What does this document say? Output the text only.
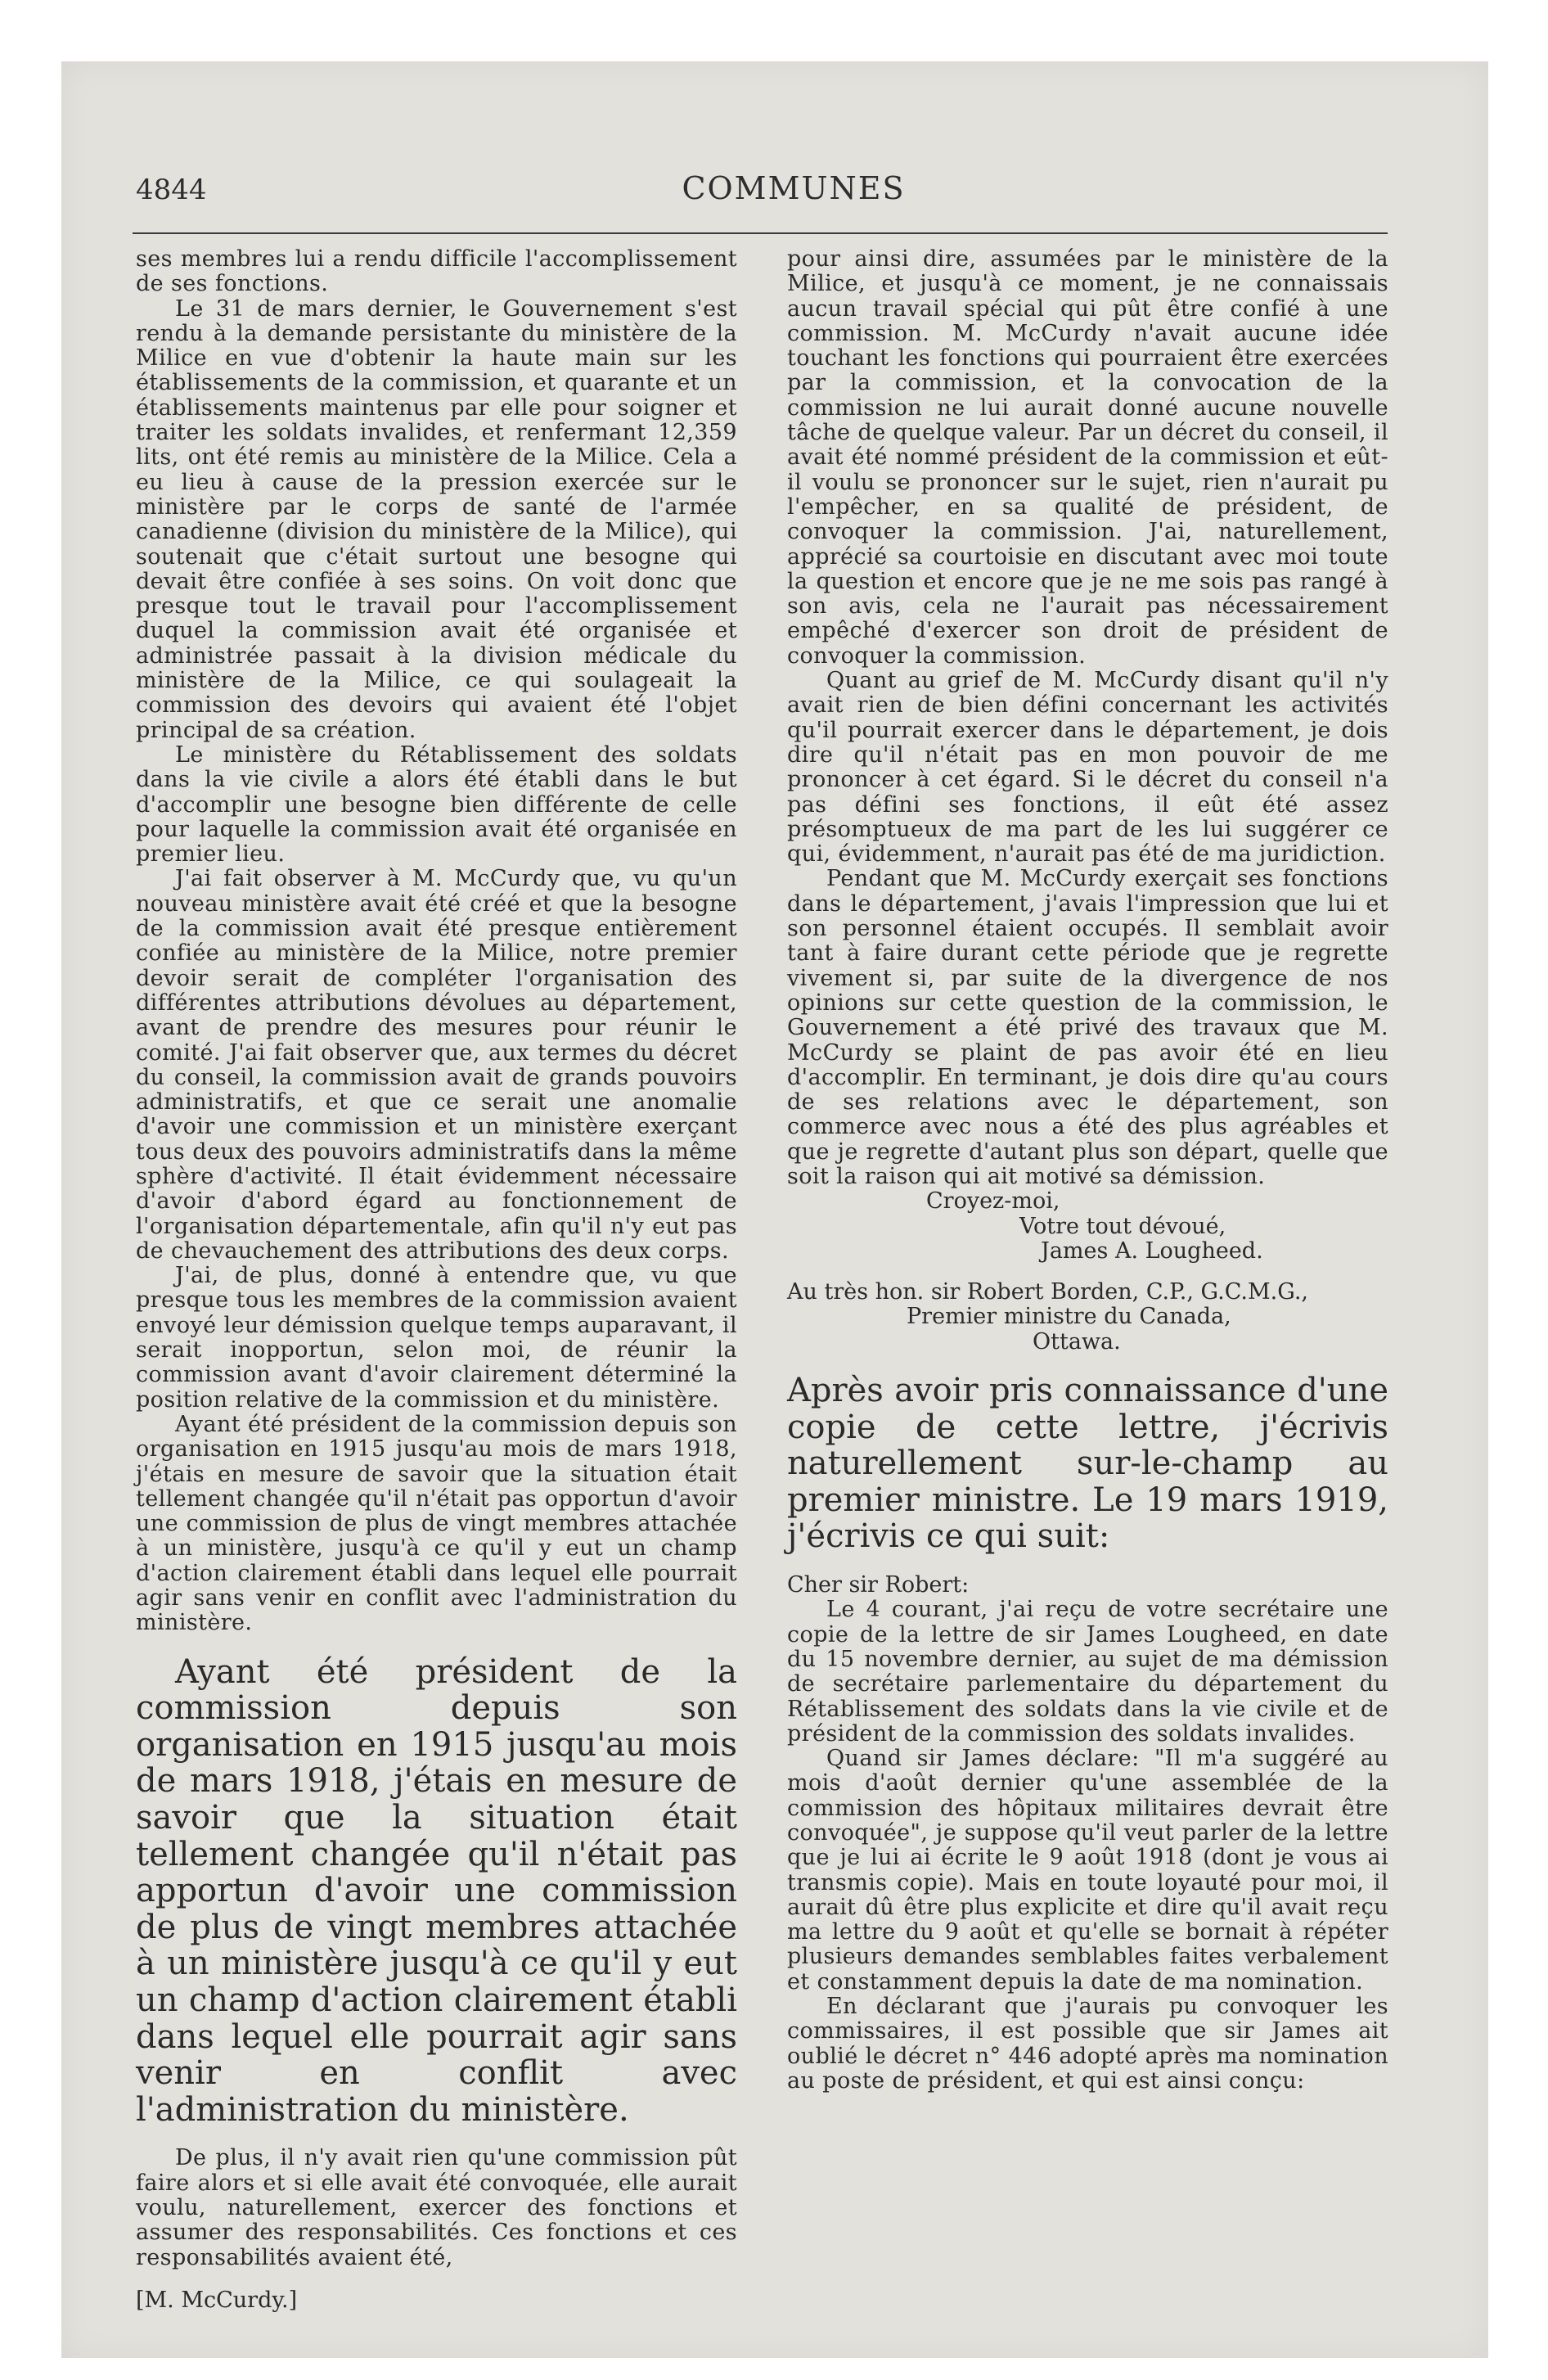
4844	COMMUNES

ses membres lui a rendu difficile l'accomplissement de ses fonctions.

Le 31 de mars dernier, le Gouvernement s'est rendu à la demande persistante du ministère de la Milice en vue d'obtenir la haute main sur les établissements de la commission, et quarante et un établissements maintenus par elle pour soigner et traiter les soldats invalides, et renfermant 12,359 lits, ont été remis au ministère de la Milice. Cela a eu lieu à cause de la pression exercée sur le ministère par le corps de santé de l'armée canadienne (division du ministère de la Milice), qui soutenait que c'était surtout une besogne qui devait être confiée à ses soins. On voit donc que presque tout le travail pour l'accomplissement duquel la commission avait été organisée et administrée passait à la division médicale du ministère de la Milice, ce qui soulageait la commission des devoirs qui avaient été l'objet principal de sa création.

Le ministère du Rétablissement des soldats dans la vie civile a alors été établi dans le but d'accomplir une besogne bien différente de celle pour laquelle la commission avait été organisée en premier lieu.

J'ai fait observer à M. McCurdy que, vu qu'un nouveau ministère avait été créé et que la besogne de la commission avait été presque entièrement confiée au ministère de la Milice, notre premier devoir serait de compléter l'organisation des différentes attributions dévolues au département, avant de prendre des mesures pour réunir le comité. J'ai fait observer que, aux termes du décret du conseil, la commission avait de grands pouvoirs administratifs, et que ce serait une anomalie d'avoir une commission et un ministère exerçant tous deux des pouvoirs administratifs dans la même sphère d'activité. Il était évidemment nécessaire d'avoir d'abord égard au fonctionnement de l'organisation départementale, afin qu'il n'y eut pas de chevauchement des attributions des deux corps.

J'ai, de plus, donné à entendre que, vu que presque tous les membres de la commission avaient envoyé leur démission quelque temps auparavant, il serait inopportun, selon moi, de réunir la commission avant d'avoir clairement déterminé la position relative de la commission et du ministère.

Ayant été président de la commission depuis son organisation en 1915 jusqu'au mois de mars 1918, j'étais en mesure de savoir que la situation était tellement changée qu'il n'était pas opportun d'avoir une commission de plus de vingt membres attachée à un ministère, jusqu'à ce qu'il y eut un champ d'action clairement établi dans lequel elle pourrait agir sans venir en conflit avec l'administration du ministère.

Ayant été président de la commission depuis son organisation en 1915 jusqu'au mois de mars 1918, j'étais en mesure de savoir que la situation était tellement changée qu'il n'était pas apportun d'avoir une commission de plus de vingt membres attachée à un ministère jusqu'à ce qu'il y eut un champ d'action clairement établi dans lequel elle pourrait agir sans venir en conflit avec l'administration du ministère.

De plus, il n'y avait rien qu'une commission pût faire alors et si elle avait été convoquée, elle aurait voulu, naturellement, exercer des fonctions et assumer des responsabilités. Ces fonctions et ces responsabilités avaient été,

[M. McCurdy.]

pour ainsi dire, assumées par le ministère de la Milice, et jusqu'à ce moment, je ne connaissais aucun travail spécial qui pût être confié à une commission. M. McCurdy n'avait aucune idée touchant les fonctions qui pourraient être exercées par la commission, et la convocation de la commission ne lui aurait donné aucune nouvelle tâche de quelque valeur. Par un décret du conseil, il avait été nommé président de la commission et eût-il voulu se prononcer sur le sujet, rien n'aurait pu l'empêcher, en sa qualité de président, de convoquer la commission. J'ai, naturellement, apprécié sa courtoisie en discutant avec moi toute la question et encore que je ne me sois pas rangé à son avis, cela ne l'aurait pas nécessairement empêché d'exercer son droit de président de convoquer la commission.

Quant au grief de M. McCurdy disant qu'il n'y avait rien de bien défini concernant les activités qu'il pourrait exercer dans le département, je dois dire qu'il n'était pas en mon pouvoir de me prononcer à cet égard. Si le décret du conseil n'a pas défini ses fonctions, il eût été assez présomptueux de ma part de les lui suggérer ce qui, évidemment, n'aurait pas été de ma juridiction.

Pendant que M. McCurdy exerçait ses fonctions dans le département, j'avais l'impression que lui et son personnel étaient occupés. Il semblait avoir tant à faire durant cette période que je regrette vivement si, par suite de la divergence de nos opinions sur cette question de la commission, le Gouvernement a été privé des travaux que M. McCurdy se plaint de pas avoir été en lieu d'accomplir. En terminant, je dois dire qu'au cours de ses relations avec le département, son commerce avec nous a été des plus agréables et que je regrette d'autant plus son départ, quelle que soit la raison qui ait motivé sa démission.

Croyez-moi,
Votre tout dévoué,
James A. Lougheed.
Au très hon. sir Robert Borden, C.P., G.C.M.G.,
Premier ministre du Canada,
Ottawa.

Après avoir pris connaissance d'une copie de cette lettre, j'écrivis naturellement sur-le-champ au premier ministre. Le 19 mars 1919, j'écrivis ce qui suit:

Cher sir Robert:

Le 4 courant, j'ai reçu de votre secrétaire une copie de la lettre de sir James Lougheed, en date du 15 novembre dernier, au sujet de ma démission de secrétaire parlementaire du département du Rétablissement des soldats dans la vie civile et de président de la commission des soldats invalides.

Quand sir James déclare: "Il m'a suggéré au mois d'août dernier qu'une assemblée de la commission des hôpitaux militaires devrait être convoquée", je suppose qu'il veut parler de la lettre que je lui ai écrite le 9 août 1918 (dont je vous ai transmis copie). Mais en toute loyauté pour moi, il aurait dû être plus explicite et dire qu'il avait reçu ma lettre du 9 août et qu'elle se bornait à répéter plusieurs demandes semblables faites verbalement et constamment depuis la date de ma nomination.

En déclarant que j'aurais pu convoquer les commissaires, il est possible que sir James ait oublié le décret n° 446 adopté après ma nomination au poste de président, et qui est ainsi conçu:
